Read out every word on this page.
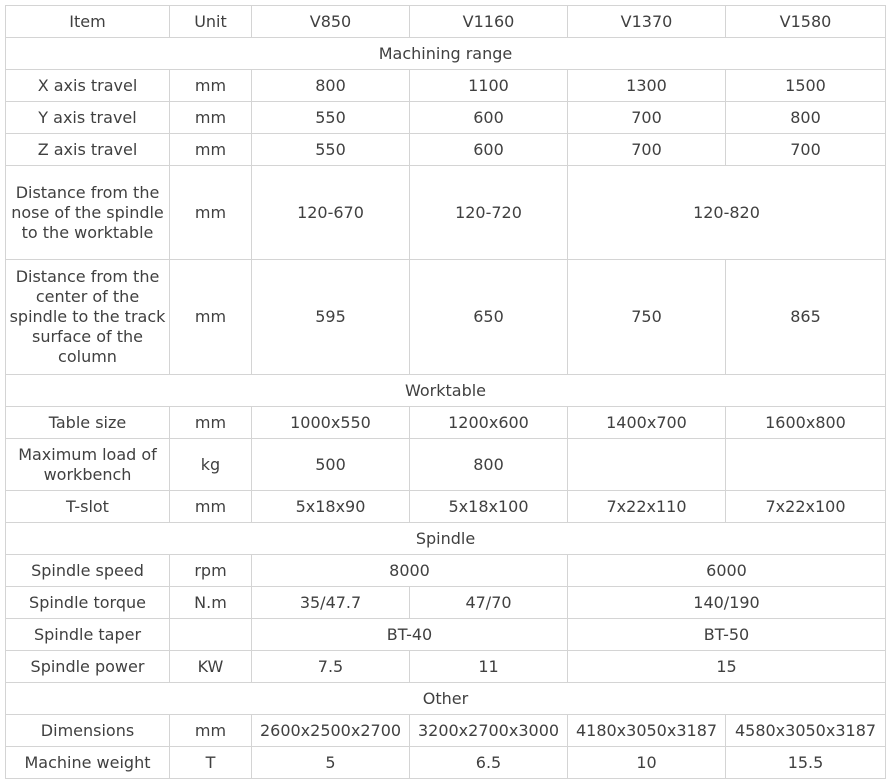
Item	Unit	V850	V1160	V1370	V1580
Machining range					
X axis travel	mm	800	1100	1300	1500
Y axis travel	mm	550	600	700	800
Z axis travel	mm	550	600	700	700
Distance from the nose of the spindle to the worktable	mm	120-670	120-720	120-820	
Distance from the center of the spindle to the track surface of the column	mm	595	650	750	865
Worktable					
Table size	mm	1000x550	1200x600	1400x700	1600x800
Maximum load of workbench	kg	500	800		
T-slot	mm	5x18x90	5x18x100	7x22x110	7x22x100
Spindle					
Spindle speed	rpm	8000		6000	
Spindle torque	N.m	35/47.7	47/70	140/190	
Spindle taper		BT-40		BT-50	
Spindle power	KW	7.5	11	15	
Other					
Dimensions	mm	2600x2500x2700	3200x2700x3000	4180x3050x3187	4580x3050x3187
Machine weight	T	5	6.5	10	15.5
